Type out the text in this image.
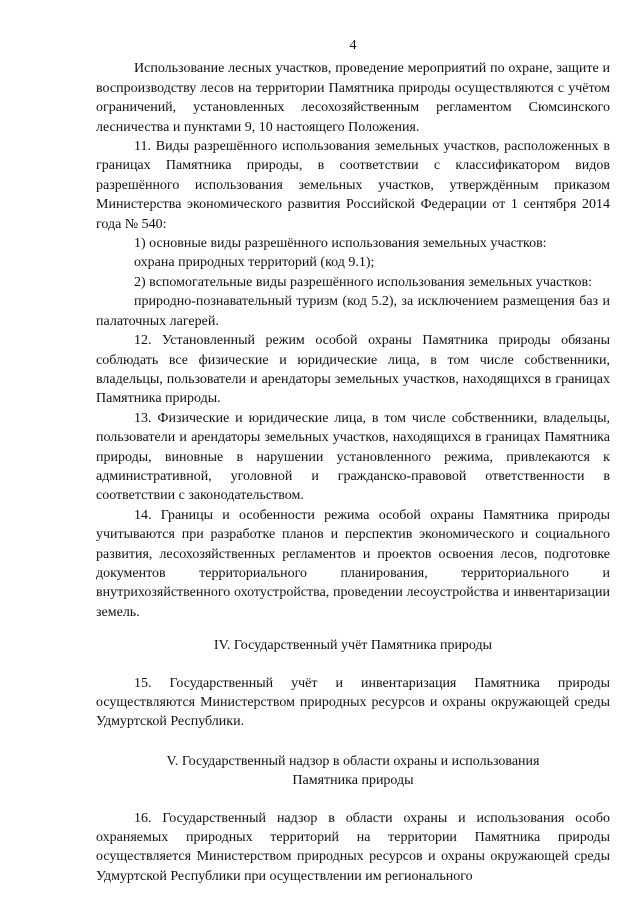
4

Использование лесных участков, проведение мероприятий по охране, защите и воспроизводству лесов на территории Памятника природы осуществляются с учётом ограничений, установленных лесохозяйственным регламентом Сюмсинского лесничества и пунктами 9, 10 настоящего Положения.

11. Виды разрешённого использования земельных участков, расположенных в границах Памятника природы, в соответствии с классификатором видов разрешённого использования земельных участков, утверждённым приказом Министерства экономического развития Российской Федерации от 1 сентября 2014 года № 540:

1) основные виды разрешённого использования земельных участков:

охрана природных территорий (код 9.1);

2) вспомогательные виды разрешённого использования земельных участков:

природно-познавательный туризм (код 5.2), за исключением размещения баз и палаточных лагерей.

12. Установленный режим особой охраны Памятника природы обязаны соблюдать все физические и юридические лица, в том числе собственники, владельцы, пользователи и арендаторы земельных участков, находящихся в границах Памятника природы.

13. Физические и юридические лица, в том числе собственники, владельцы, пользователи и арендаторы земельных участков, находящихся в границах Памятника природы, виновные в нарушении установленного режима, привлекаются к административной, уголовной и гражданско-правовой ответственности в соответствии с законодательством.

14. Границы и особенности режима особой охраны Памятника природы учитываются при разработке планов и перспектив экономического и социального развития, лесохозяйственных регламентов и проектов освоения лесов, подготовке документов территориального планирования, территориального и внутрихозяйственного охотустройства, проведении лесоустройства и инвентаризации земель.

IV. Государственный учёт Памятника природы

15. Государственный учёт и инвентаризация Памятника природы осуществляются Министерством природных ресурсов и охраны окружающей среды Удмуртской Республики.

V. Государственный надзор в области охраны и использования
Памятника природы

16. Государственный надзор в области охраны и использования особо охраняемых природных территорий на территории Памятника природы осуществляется Министерством природных ресурсов и охраны окружающей среды Удмуртской Республики при осуществлении им регионального
